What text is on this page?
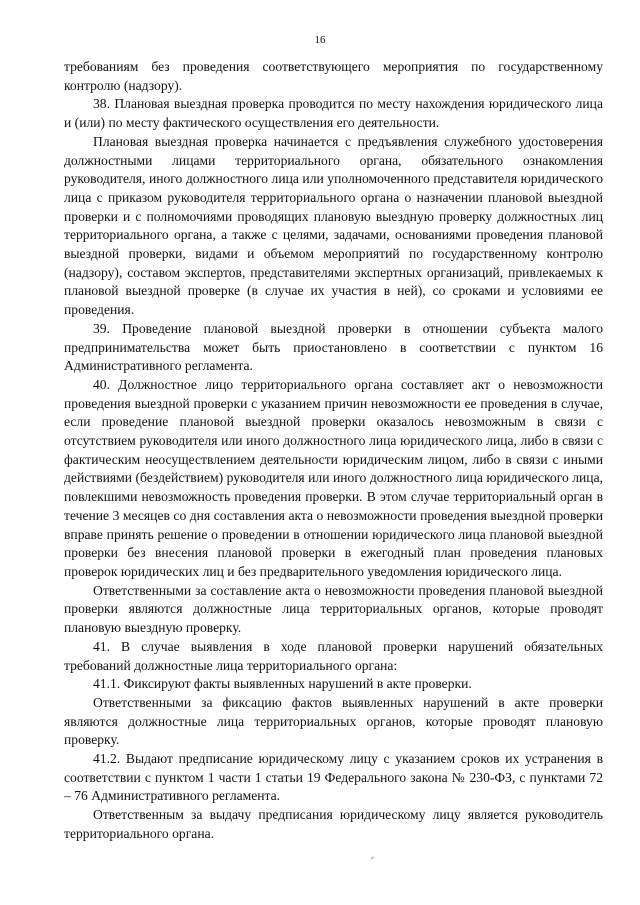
16

требованиям без проведения соответствующего мероприятия по государственному контролю (надзору).

38. Плановая выездная проверка проводится по месту нахождения юридического лица и (или) по месту фактического осуществления его деятельности.

Плановая выездная проверка начинается с предъявления служебного удостоверения должностными лицами территориального органа, обязательного ознакомления руководителя, иного должностного лица или уполномоченного представителя юридического лица с приказом руководителя территориального органа о назначении плановой выездной проверки и с полномочиями проводящих плановую выездную проверку должностных лиц территориального органа, а также с целями, задачами, основаниями проведения плановой выездной проверки, видами и объемом мероприятий по государственному контролю (надзору), составом экспертов, представителями экспертных организаций, привлекаемых к плановой выездной проверке (в случае их участия в ней), со сроками и условиями ее проведения.

39. Проведение плановой выездной проверки в отношении субъекта малого предпринимательства может быть приостановлено в соответствии с пунктом 16 Административного регламента.

40. Должностное лицо территориального органа составляет акт о невозможности проведения выездной проверки с указанием причин невозможности ее проведения в случае, если проведение плановой выездной проверки оказалось невозможным в связи с отсутствием руководителя или иного должностного лица юридического лица, либо в связи с фактическим неосуществлением деятельности юридическим лицом, либо в связи с иными действиями (бездействием) руководителя или иного должностного лица юридического лица, повлекшими невозможность проведения проверки. В этом случае территориальный орган в течение 3 месяцев со дня составления акта о невозможности проведения выездной проверки вправе принять решение о проведении в отношении юридического лица плановой выездной проверки без внесения плановой проверки в ежегодный план проведения плановых проверок юридических лиц и без предварительного уведомления юридического лица.

Ответственными за составление акта о невозможности проведения плановой выездной проверки являются должностные лица территориальных органов, которые проводят плановую выездную проверку.

41. В случае выявления в ходе плановой проверки нарушений обязательных требований должностные лица территориального органа:

41.1. Фиксируют факты выявленных нарушений в акте проверки.

Ответственными за фиксацию фактов выявленных нарушений в акте проверки являются должностные лица территориальных органов, которые проводят плановую проверку.

41.2. Выдают предписание юридическому лицу с указанием сроков их устранения в соответствии с пунктом 1 части 1 статьи 19 Федерального закона № 230-ФЗ, с пунктами 72 – 76 Административного регламента.

Ответственным за выдачу предписания юридическому лицу является руководитель территориального органа.
